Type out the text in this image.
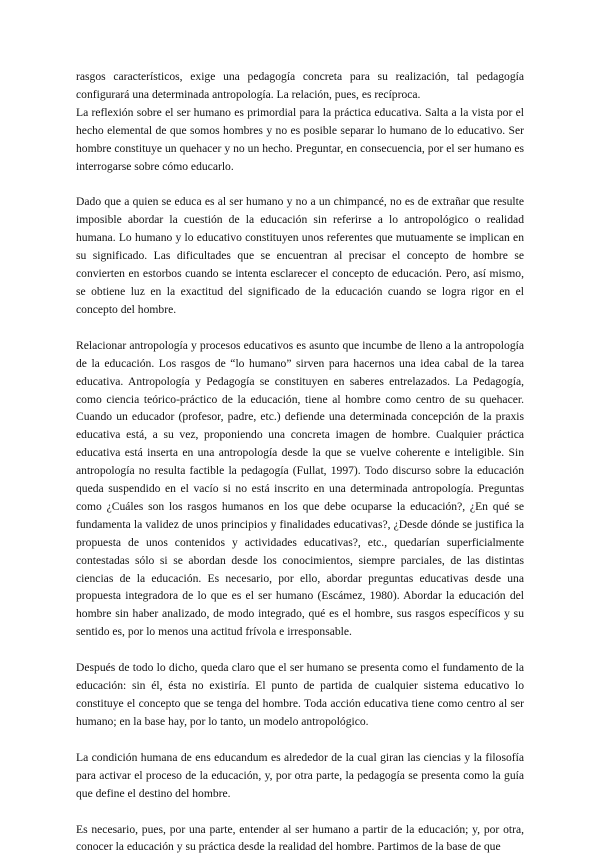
rasgos característicos, exige una pedagogía concreta para su realización, tal pedagogía configurará una determinada antropología. La relación, pues, es recíproca.

La reflexión sobre el ser humano es primordial para la práctica educativa. Salta a la vista por el hecho elemental de que somos hombres y no es posible separar lo humano de lo educativo. Ser hombre constituye un quehacer y no un hecho. Preguntar, en consecuencia, por el ser humano es interrogarse sobre cómo educarlo.

Dado que a quien se educa es al ser humano y no a un chimpancé, no es de extrañar que resulte imposible abordar la cuestión de la educación sin referirse a lo antropológico o realidad humana. Lo humano y lo educativo constituyen unos referentes que mutuamente se implican en su significado. Las dificultades que se encuentran al precisar el concepto de hombre se convierten en estorbos cuando se intenta esclarecer el concepto de educación. Pero, así mismo, se obtiene luz en la exactitud del significado de la educación cuando se logra rigor en el concepto del hombre.

Relacionar antropología y procesos educativos es asunto que incumbe de lleno a la antropología de la educación. Los rasgos de “lo humano” sirven para hacernos una idea cabal de la tarea educativa. Antropología y Pedagogía se constituyen en saberes entrelazados. La Pedagogía, como ciencia teórico-práctico de la educación, tiene al hombre como centro de su quehacer. Cuando un educador (profesor, padre, etc.) defiende una determinada concepción de la praxis educativa está, a su vez, proponiendo una concreta imagen de hombre. Cualquier práctica educativa está inserta en una antropología desde la que se vuelve coherente e inteligible. Sin antropología no resulta factible la pedagogía (Fullat, 1997). Todo discurso sobre la educación queda suspendido en el vacío si no está inscrito en una determinada antropología. Preguntas como ¿Cuáles son los rasgos humanos en los que debe ocuparse la educación?, ¿En qué se fundamenta la validez de unos principios y finalidades educativas?, ¿Desde dónde se justifica la propuesta de unos contenidos y actividades educativas?, etc., quedarían superficialmente contestadas sólo si se abordan desde los conocimientos, siempre parciales, de las distintas ciencias de la educación. Es necesario, por ello, abordar preguntas educativas desde una propuesta integradora de lo que es el ser humano (Escámez, 1980). Abordar la educación del hombre sin haber analizado, de modo integrado, qué es el hombre, sus rasgos específicos y su sentido es, por lo menos una actitud frívola e irresponsable.

Después de todo lo dicho, queda claro que el ser humano se presenta como el fundamento de la educación: sin él, ésta no existiría. El punto de partida de cualquier sistema educativo lo constituye el concepto que se tenga del hombre. Toda acción educativa tiene como centro al ser humano; en la base hay, por lo tanto, un modelo antropológico.

La condición humana de ens educandum es alrededor de la cual giran las ciencias y la filosofía para activar el proceso de la educación, y, por otra parte, la pedagogía se presenta como la guía que define el destino del hombre.

Es necesario, pues, por una parte, entender al ser humano a partir de la educación; y, por otra, conocer la educación y su práctica desde la realidad del hombre. Partimos de la base de que
